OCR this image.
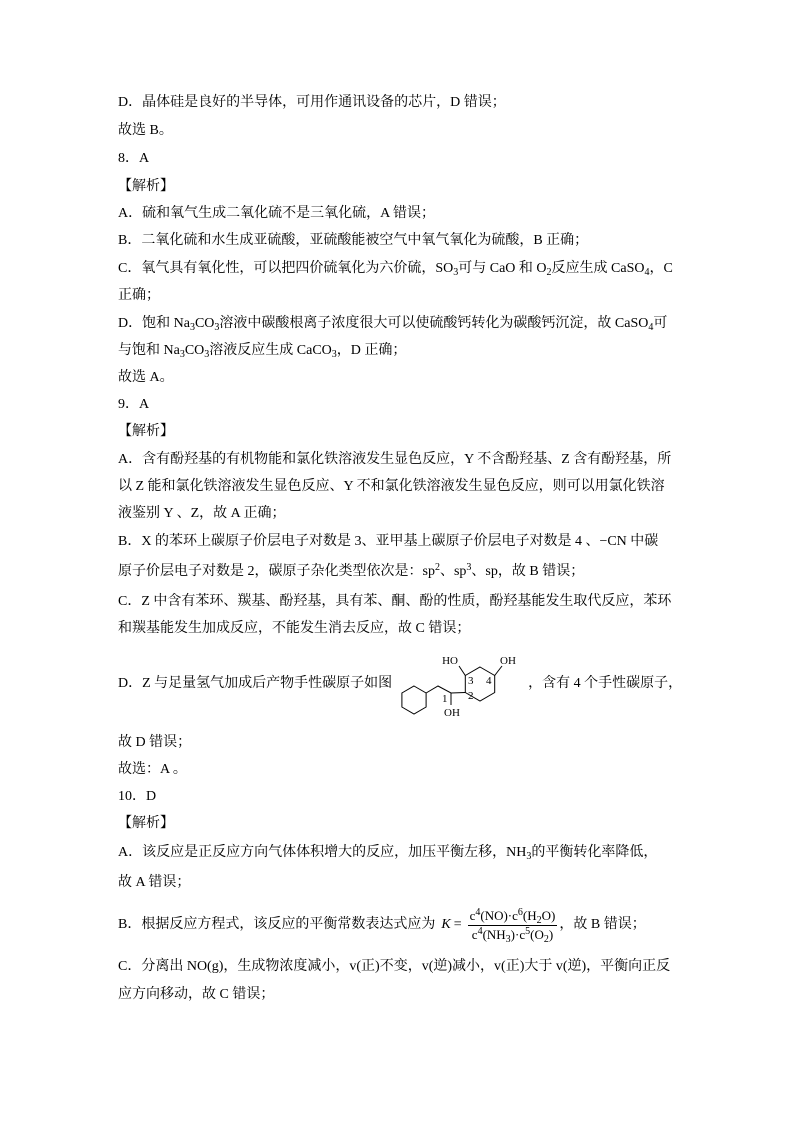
D．晶体硅是良好的半导体，可用作通讯设备的芯片，D 错误；
故选 B。
8．A
【解析】
A．硫和氧气生成二氧化硫不是三氧化硫，A 错误；
B．二氧化硫和水生成亚硫酸，亚硫酸能被空气中氧气氧化为硫酸，B 正确；
C．氧气具有氧化性，可以把四价硫氧化为六价硫，$SO_3$可与 CaO 和 $O_2$反应生成 CaSO$_4$，C
正确；
D．饱和 $Na_3CO_3$溶液中碳酸根离子浓度很大可以使硫酸钙转化为碳酸钙沉淀，故 CaSO$_4$可
与饱和 $Na_3CO_3$溶液反应生成 CaCO$_3$，D 正确；
故选 A。
9．A
【解析】
A．含有酚羟基的有机物能和氯化铁溶液发生显色反应，Y 不含酚羟基、Z 含有酚羟基，所
以 Z 能和氯化铁溶液发生显色反应、Y 不和氯化铁溶液发生显色反应，则可以用氯化铁溶
液鉴别 Y 、Z，故 A 正确；
B．X 的苯环上碳原子价层电子对数是 3、亚甲基上碳原子价层电子对数是 4 、−CN 中碳
原子价层电子对数是 2，碳原子杂化类型依次是：$sp^2$、$sp^3$、sp，故 B 错误；
C．Z 中含有苯环、羰基、酚羟基，具有苯、酮、酚的性质，酚羟基能发生取代反应，苯环
和羰基能发生加成反应，不能发生消去反应，故 C 错误；
D．Z 与足量氢气加成后产物手性碳原子如图
HO	OH
OH
1 2
3 4	，含有 4 个手性碳原子，
故 D 错误；
故选：A 。
10．D
【解析】
A．该反应是正反应方向气体体积增大的反应，加压平衡左移，$NH_3$的平衡转化率降低，
故 A 错误；
B．根据反应方程式，该反应的平衡常数表达式应为 $K = \frac{c^4(NO)\cdot c^6(H_2O)}{c^4(NH_3)\cdot c^5(O_2)}$ ，故 B 错误；
C．分离出 NO(g)，生成物浓度减小，v(正)不变，v(逆)减小，v(正)大于 v(逆)，平衡向正反
应方向移动，故 C 错误；
